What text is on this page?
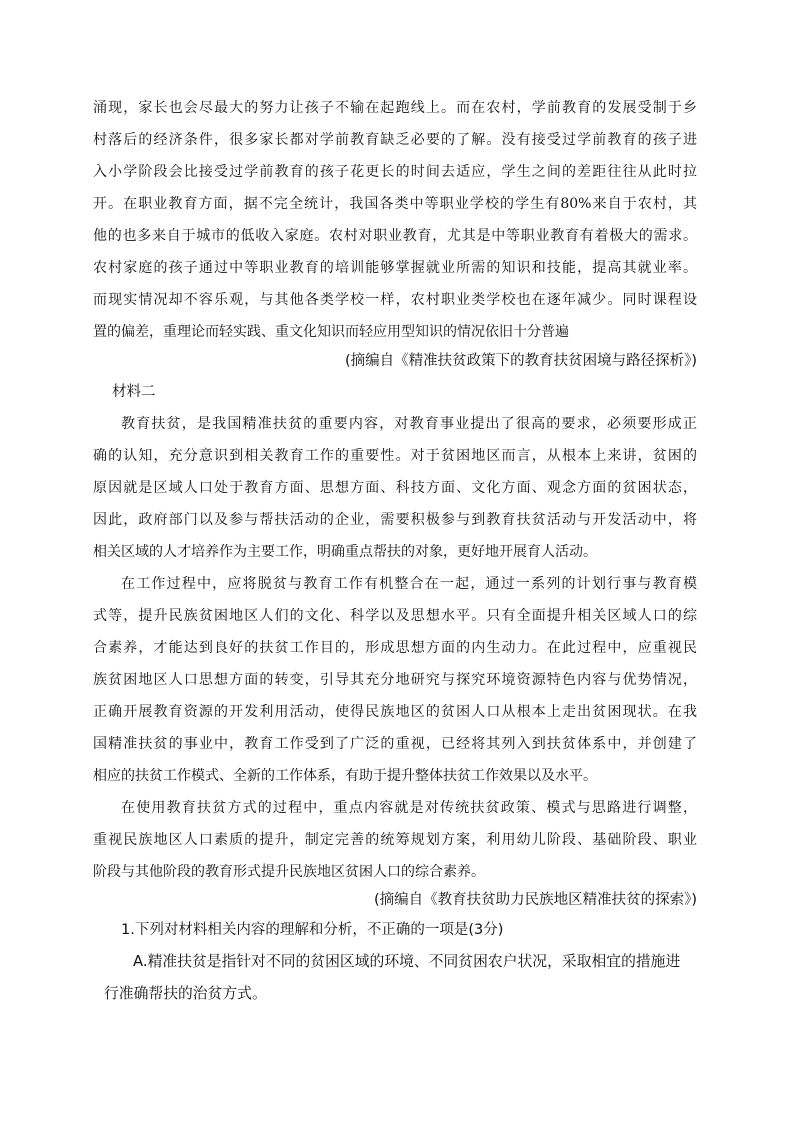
涌现，家长也会尽最大的努力让孩子不输在起跑线上。而在农村，学前教育的发展受制于乡
村落后的经济条件，很多家长都对学前教育缺乏必要的了解。没有接受过学前教育的孩子进
入小学阶段会比接受过学前教育的孩子花更长的时间去适应，学生之间的差距往往从此时拉
开。在职业教育方面，据不完全统计，我国各类中等职业学校的学生有80%来自于农村，其
他的也多来自于城市的低收入家庭。农村对职业教育，尤其是中等职业教育有着极大的需求。
农村家庭的孩子通过中等职业教育的培训能够掌握就业所需的知识和技能，提高其就业率。
而现实情况却不容乐观，与其他各类学校一样，农村职业类学校也在逐年减少。同时课程设
置的偏差，重理论而轻实践、重文化知识而轻应用型知识的情况依旧十分普遍
(摘编自《精准扶贫政策下的教育扶贫困境与路径探析》)
材料二
教育扶贫，是我国精准扶贫的重要内容，对教育事业提出了很高的要求，必须要形成正
确的认知，充分意识到相关教育工作的重要性。对于贫困地区而言，从根本上来讲，贫困的
原因就是区域人口处于教育方面、思想方面、科技方面、文化方面、观念方面的贫困状态，
因此，政府部门以及参与帮扶活动的企业，需要积极参与到教育扶贫活动与开发活动中，将
相关区域的人才培养作为主要工作，明确重点帮扶的对象，更好地开展育人活动。
在工作过程中，应将脱贫与教育工作有机整合在一起，通过一系列的计划行事与教育模
式等，提升民族贫困地区人们的文化、科学以及思想水平。只有全面提升相关区域人口的综
合素养，才能达到良好的扶贫工作目的，形成思想方面的内生动力。在此过程中，应重视民
族贫困地区人口思想方面的转变，引导其充分地研究与探究环境资源特色内容与优势情况，
正确开展教育资源的开发利用活动，使得民族地区的贫困人口从根本上走出贫困现状。在我
国精准扶贫的事业中，教育工作受到了广泛的重视，已经将其列入到扶贫体系中，并创建了
相应的扶贫工作模式、全新的工作体系，有助于提升整体扶贫工作效果以及水平。
在使用教育扶贫方式的过程中，重点内容就是对传统扶贫政策、模式与思路进行调整，
重视民族地区人口素质的提升，制定完善的统筹规划方案，利用幼儿阶段、基础阶段、职业
阶段与其他阶段的教育形式提升民族地区贫困人口的综合素养。
(摘编自《教育扶贫助力民族地区精准扶贫的探索》)
1.下列对材料相关内容的理解和分析，不正确的一项是(3分)
A.精准扶贫是指针对不同的贫困区域的环境、不同贫困农户状况，采取相宜的措施进
行准确帮扶的治贫方式。
